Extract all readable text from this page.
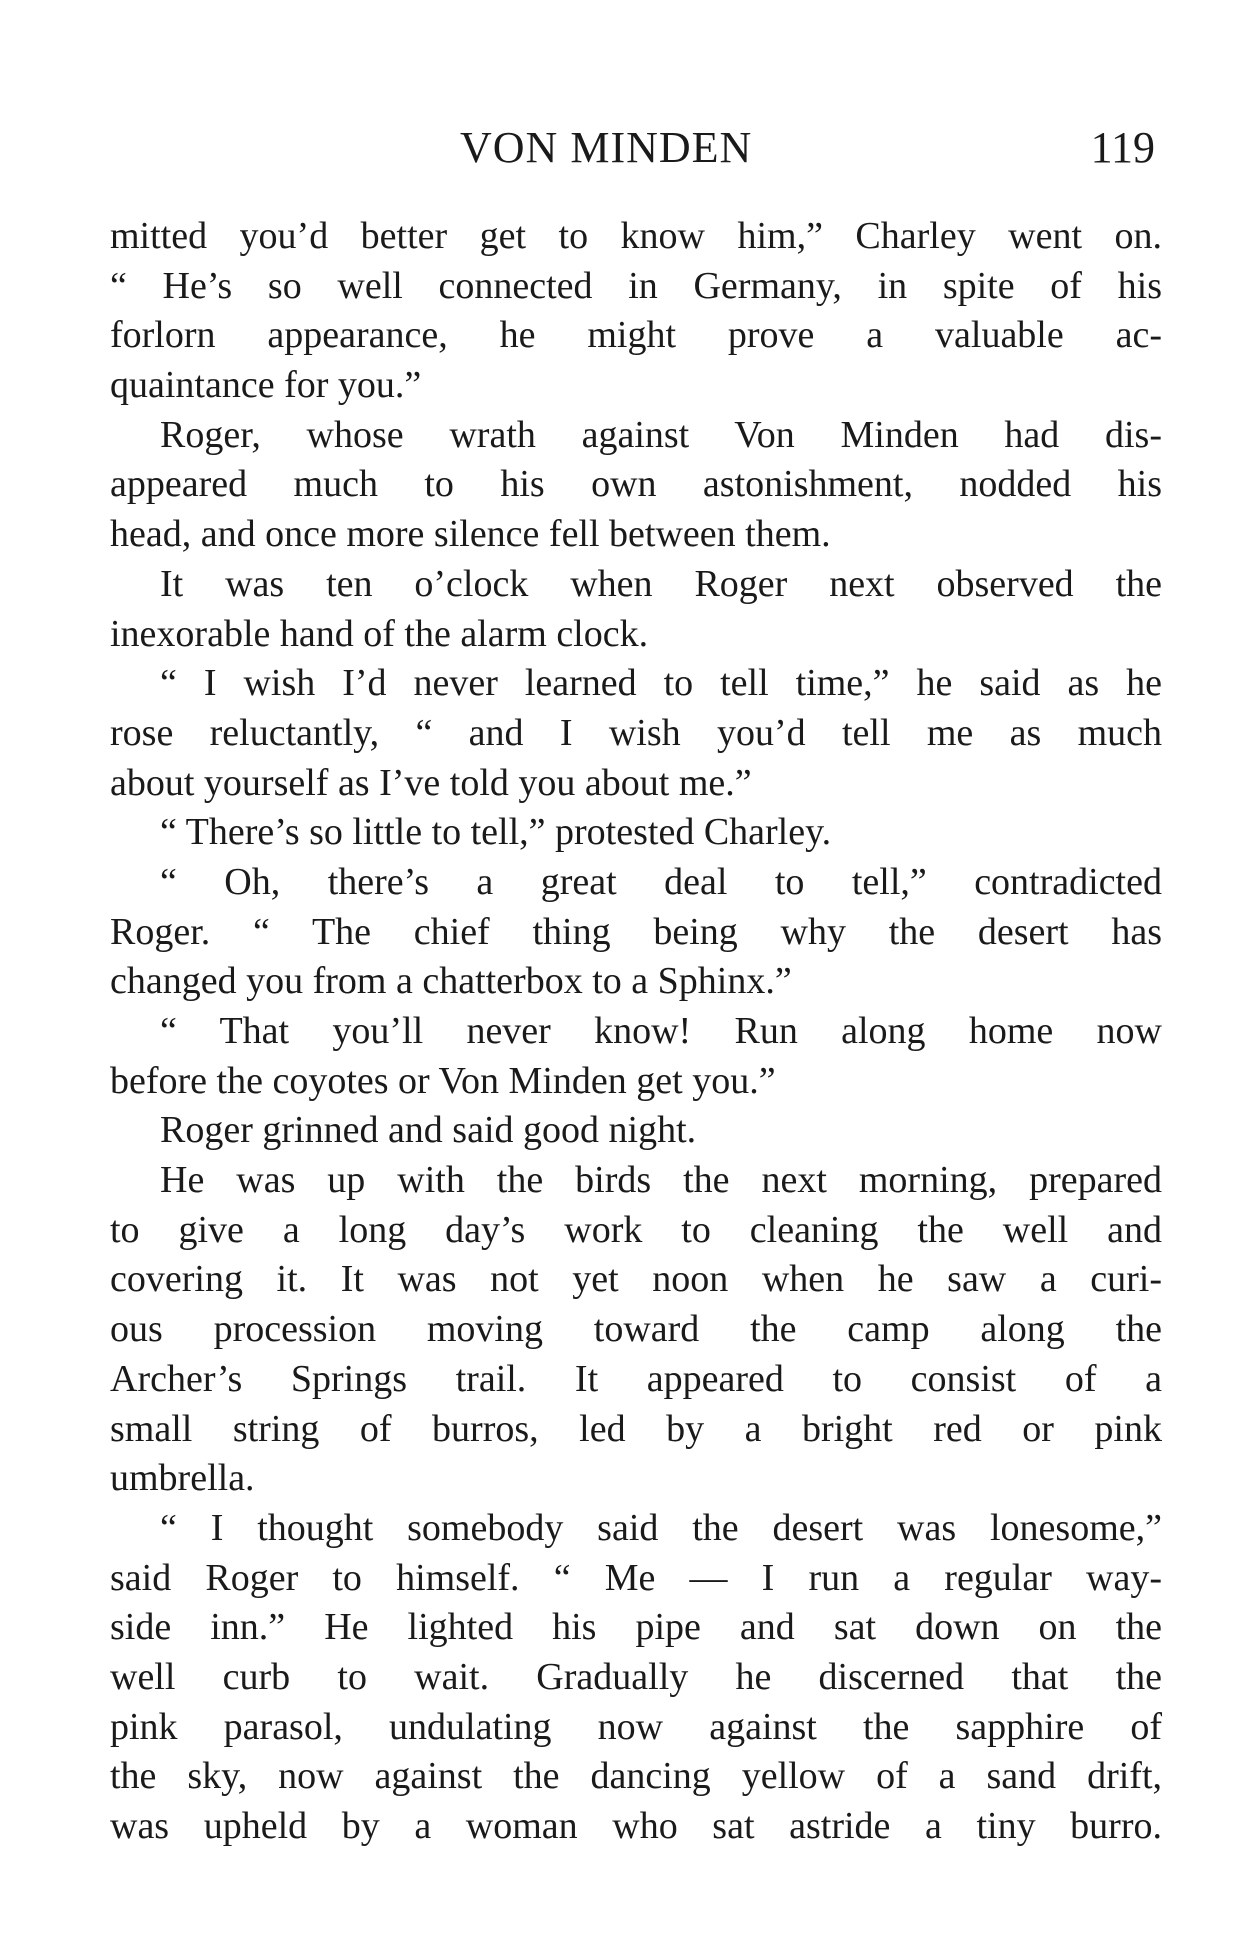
VON MINDEN	119
mitted you’d better get to know him,” Charley went on.
“ He’s so well connected in Germany, in spite of his
forlorn appearance, he might prove a valuable ac-
quaintance for you.”
Roger, whose wrath against Von Minden had dis-
appeared much to his own astonishment, nodded his
head, and once more silence fell between them.
It was ten o’clock when Roger next observed the
inexorable hand of the alarm clock.
“ I wish I’d never learned to tell time,” he said as he
rose reluctantly, “ and I wish you’d tell me as much
about yourself as I’ve told you about me.”
“ There’s so little to tell,” protested Charley.
“ Oh, there’s a great deal to tell,” contradicted
Roger. “ The chief thing being why the desert has
changed you from a chatterbox to a Sphinx.”
“ That you’ll never know! Run along home now
before the coyotes or Von Minden get you.”
Roger grinned and said good night.
He was up with the birds the next morning, prepared
to give a long day’s work to cleaning the well and
covering it. It was not yet noon when he saw a curi-
ous procession moving toward the camp along the
Archer’s Springs trail. It appeared to consist of a
small string of burros, led by a bright red or pink
umbrella.
“ I thought somebody said the desert was lonesome,”
said Roger to himself. “ Me — I run a regular way-
side inn.” He lighted his pipe and sat down on the
well curb to wait. Gradually he discerned that the
pink parasol, undulating now against the sapphire of
the sky, now against the dancing yellow of a sand drift,
was upheld by a woman who sat astride a tiny burro.
